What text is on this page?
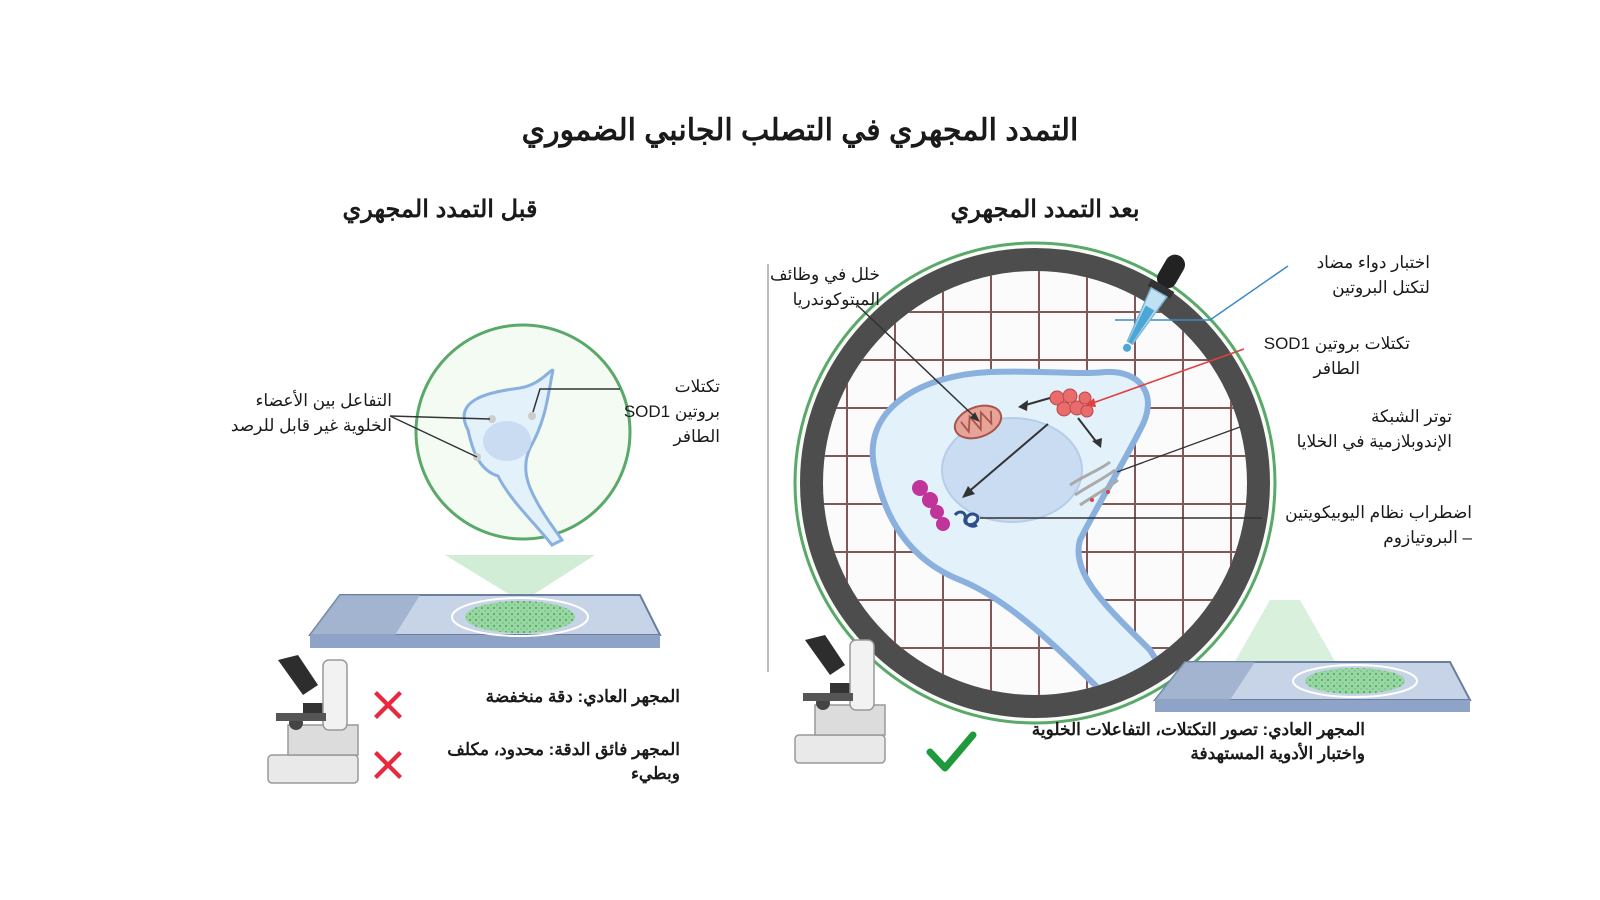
التمدد المجهري في التصلب الجانبي الضموري
قبل التمدد المجهري	بعد التمدد المجهري
التفاعل بين الأعضاء
الخلوية غير قابل للرصد
تكتلات
بروتين SOD1
الطافر
خلل في وظائف
الميتوكوندريا
اختبار دواء مضاد
لتكتل البروتين
تكتلات بروتين SOD1
الطافر
توتر الشبكة
الإندوبلازمية في الخلايا
اضطراب نظام اليوبيكويتين
– البروتيازوم
المجهر العادي: دقة منخفضة
المجهر فائق الدقة: محدود، مكلف
وبطيء
المجهر العادي: تصور التكتلات، التفاعلات الخلوية
واختبار الأدوية المستهدفة
